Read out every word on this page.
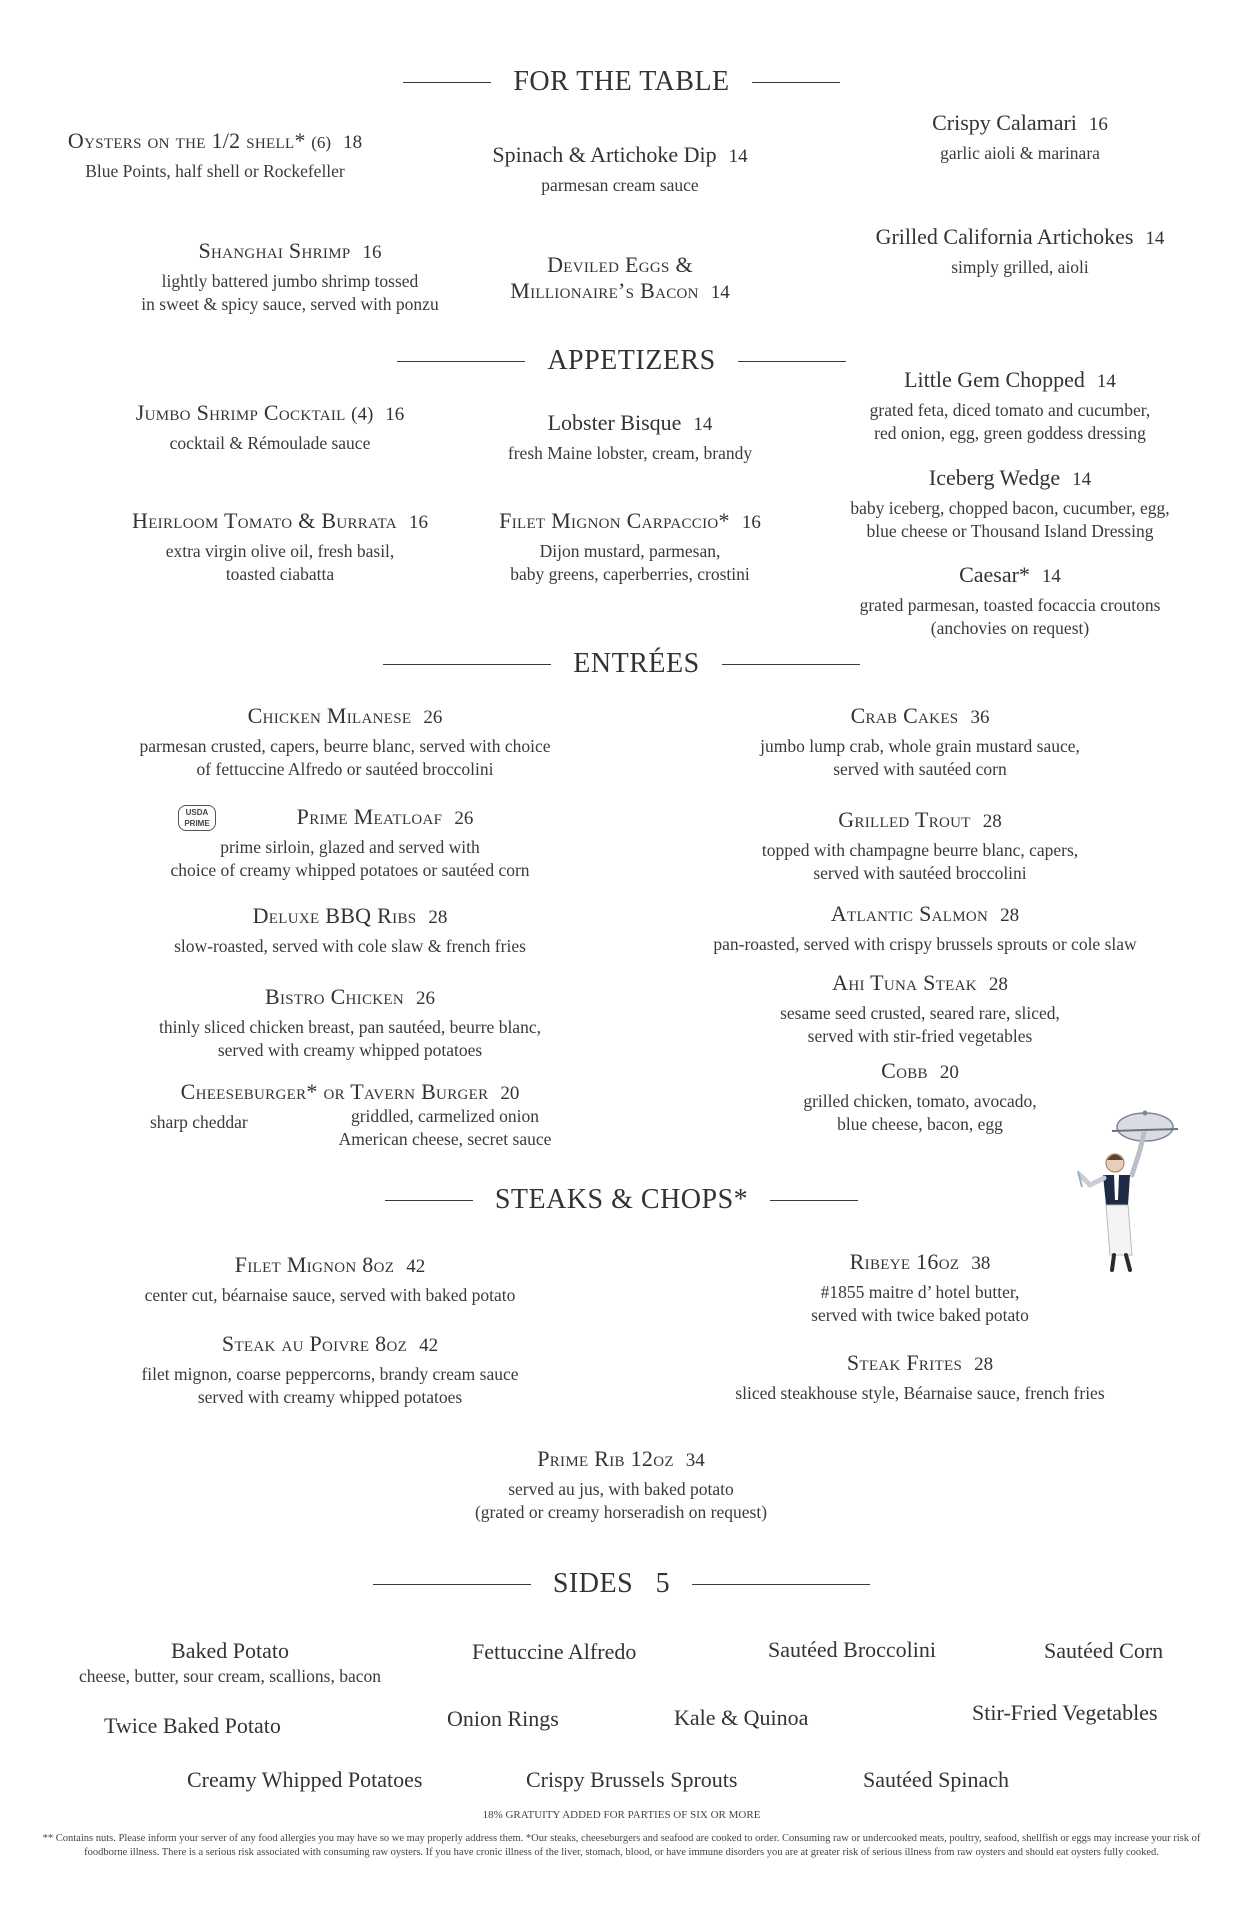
FOR THE TABLE
Oysters on the 1/2 shell* (6) 18
Blue Points, half shell or Rockefeller
Spinach & Artichoke Dip 14
parmesan cream sauce
Crispy Calamari 16
garlic aioli & marinara
Shanghai Shrimp 16
lightly battered jumbo shrimp tossed
in sweet & spicy sauce, served with ponzu
Deviled Eggs &
Millionaire’s Bacon 14
Grilled California Artichokes 14
simply grilled, aioli
APPETIZERS
Jumbo Shrimp Cocktail (4) 16
cocktail & Rémoulade sauce
Lobster Bisque 14
fresh Maine lobster, cream, brandy
Little Gem Chopped 14
grated feta, diced tomato and cucumber,
red onion, egg, green goddess dressing
Iceberg Wedge 14
baby iceberg, chopped bacon, cucumber, egg,
blue cheese or Thousand Island Dressing
Heirloom Tomato & Burrata 16
extra virgin olive oil, fresh basil,
toasted ciabatta
Filet Mignon Carpaccio* 16
Dijon mustard, parmesan,
baby greens, caperberries, crostini	Caesar* 14
grated parmesan, toasted focaccia croutons
(anchovies on request)
ENTRÉES
Chicken Milanese 26
parmesan crusted, capers, beurre blanc, served with choice
of fettuccine Alfredo or sautéed broccolini
Crab Cakes 36
jumbo lump crab, whole grain mustard sauce,
served with sautéed corn
USDA
PRIME	Prime Meatloaf 26
prime sirloin, glazed and served with
choice of creamy whipped potatoes or sautéed corn
Grilled Trout 28
topped with champagne beurre blanc, capers,
served with sautéed broccolini
Deluxe BBQ Ribs 28
slow-roasted, served with cole slaw & french fries
Atlantic Salmon 28
pan-roasted, served with crispy brussels sprouts or cole slaw
Bistro Chicken 26
thinly sliced chicken breast, pan sautéed, beurre blanc,
served with creamy whipped potatoes
Ahi Tuna Steak 28
sesame seed crusted, seared rare, sliced,
served with stir-fried vegetables
Cheeseburger* or Tavern Burger 20
sharp cheddar	griddled, carmelized onion
American cheese, secret sauce
Cobb 20
grilled chicken, tomato, avocado,
blue cheese, bacon, egg
STEAKS & CHOPS*
Filet Mignon 8oz 42
center cut, béarnaise sauce, served with baked potato
Ribeye 16oz 38
#1855 maitre d’ hotel butter,
served with twice baked potato
Steak au Poivre 8oz 42
filet mignon, coarse peppercorns, brandy cream sauce
served with creamy whipped potatoes
Steak Frites 28
sliced steakhouse style, Béarnaise sauce, french fries
Prime Rib 12oz 34
served au jus, with baked potato
(grated or creamy horseradish on request)
SIDES 5
Baked Potato
cheese, butter, sour cream, scallions, bacon
Fettuccine Alfredo	Sautéed Broccolini	Sautéed Corn
Twice Baked Potato	Onion Rings	Kale & Quinoa	Stir-Fried Vegetables
Creamy Whipped Potatoes	Crispy Brussels Sprouts	Sautéed Spinach
18% GRATUITY ADDED FOR PARTIES OF SIX OR MORE
** Contains nuts. Please inform your server of any food allergies you may have so we may properly address them. *Our steaks, cheeseburgers and seafood are cooked to order. Consuming raw or undercooked meats, poultry, seafood, shellfish or eggs may increase your risk of foodborne illness. There is a serious risk associated with consuming raw oysters. If you have cronic illness of the liver, stomach, blood, or have immune disorders you are at greater risk of serious illness from raw oysters and should eat oysters fully cooked.
